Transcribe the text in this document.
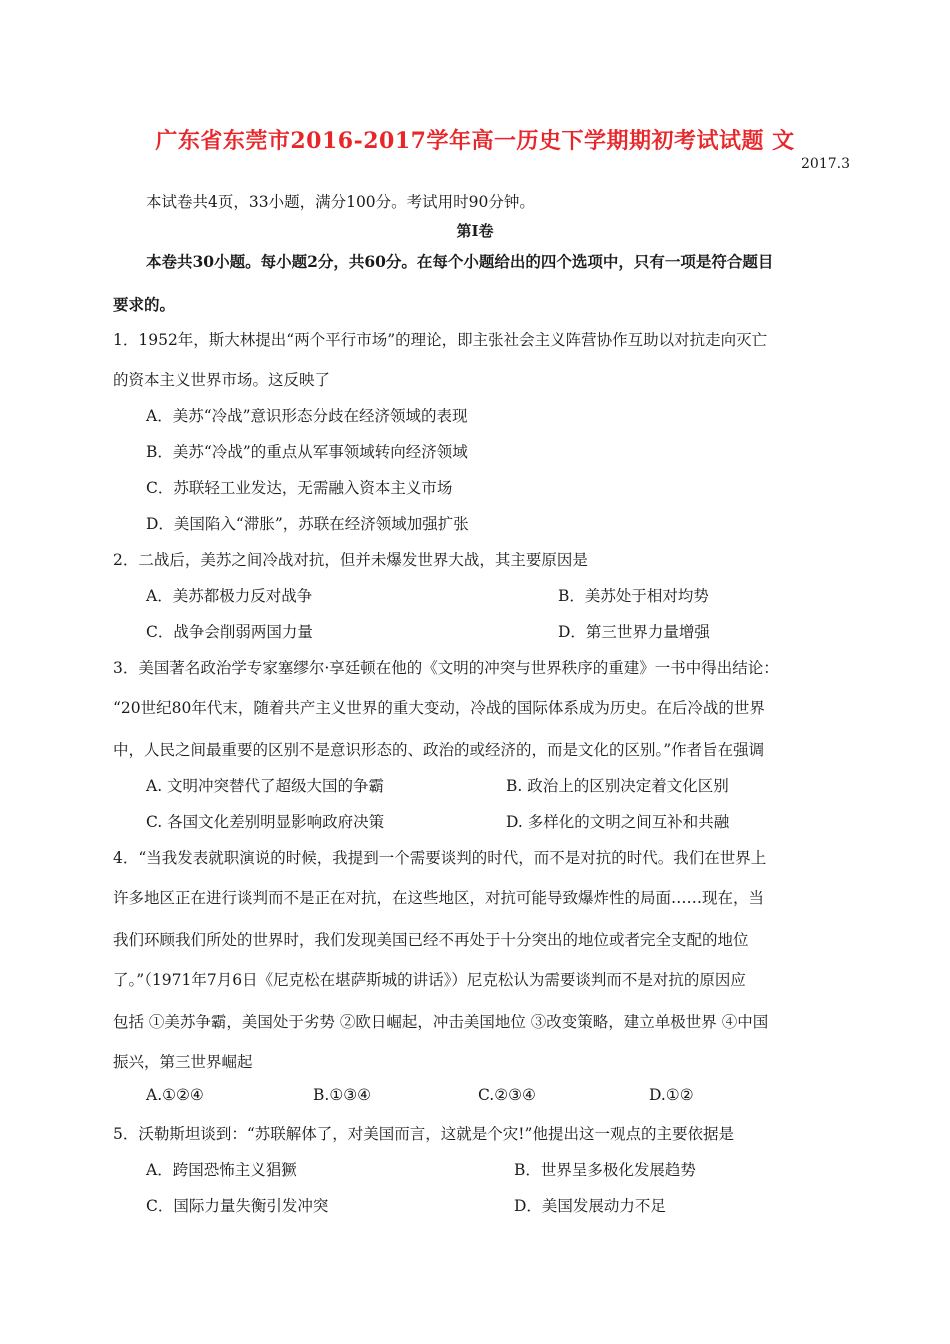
广东省东莞市2016-2017学年高一历史下学期期初考试试题 文
2017.3
本试卷共4页，33小题，满分100分。考试用时90分钟。
第I卷
本卷共30小题。每小题2分，共60分。在每个小题给出的四个选项中，只有一项是符合题目
要求的。
1．1952年，斯大林提出“两个平行市场”的理论，即主张社会主义阵营协作互助以对抗走向灭亡
的资本主义世界市场。这反映了
A．美苏“冷战”意识形态分歧在经济领域的表现
B．美苏“冷战”的重点从军事领域转向经济领域
C．苏联轻工业发达，无需融入资本主义市场
D．美国陷入“滞胀”，苏联在经济领域加强扩张
2．二战后，美苏之间冷战对抗，但并未爆发世界大战，其主要原因是
A．美苏都极力反对战争	B．美苏处于相对均势
C．战争会削弱两国力量	D．第三世界力量增强
3．美国著名政治学专家塞缪尔·享廷顿在他的《文明的冲突与世界秩序的重建》一书中得出结论：
“20世纪80年代末，随着共产主义世界的重大变动，冷战的国际体系成为历史。在后冷战的世界
中，人民之间最重要的区别不是意识形态的、政治的或经济的，而是文化的区别。”作者旨在强调
A. 文明冲突替代了超级大国的争霸	B. 政治上的区别决定着文化区别
C. 各国文化差别明显影响政府决策	D. 多样化的文明之间互补和共融
4．“当我发表就职演说的时候，我提到一个需要谈判的时代，而不是对抗的时代。我们在世界上
许多地区正在进行谈判而不是正在对抗，在这些地区，对抗可能导致爆炸性的局面……现在，当
我们环顾我们所处的世界时，我们发现美国已经不再处于十分突出的地位或者完全支配的地位
了。”（1971年7月6日《尼克松在堪萨斯城的讲话》）尼克松认为需要谈判而不是对抗的原因应
包括 ①美苏争霸，美国处于劣势 ②欧日崛起，冲击美国地位 ③改变策略，建立单极世界 ④中国
振兴，第三世界崛起
A.①②④	B.①③④	C.②③④	D.①②
5．沃勒斯坦谈到：“苏联解体了，对美国而言，这就是个灾!”他提出这一观点的主要依据是
A．跨国恐怖主义猖獗	B．世界呈多极化发展趋势
C．国际力量失衡引发冲突	D．美国发展动力不足
